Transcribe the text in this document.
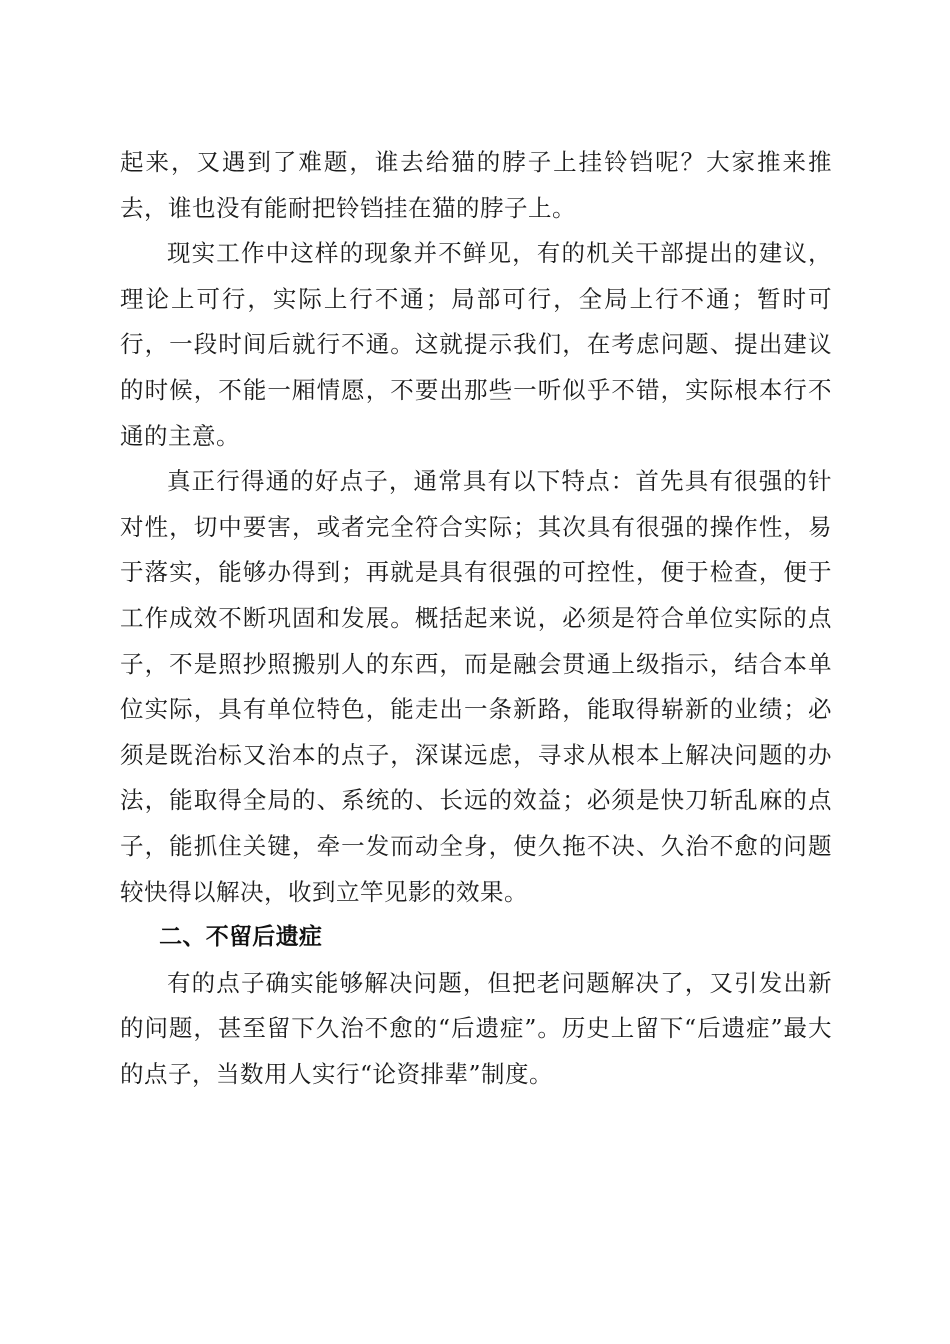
起来，又遇到了难题，谁去给猫的脖子上挂铃铛呢？大家推来推去，谁也没有能耐把铃铛挂在猫的脖子上。

现实工作中这样的现象并不鲜见，有的机关干部提出的建议，理论上可行，实际上行不通；局部可行，全局上行不通；暂时可行，一段时间后就行不通。这就提示我们，在考虑问题、提出建议的时候，不能一厢情愿，不要出那些一听似乎不错，实际根本行不通的主意。

真正行得通的好点子，通常具有以下特点：首先具有很强的针对性，切中要害，或者完全符合实际；其次具有很强的操作性，易于落实，能够办得到；再就是具有很强的可控性，便于检查，便于工作成效不断巩固和发展。概括起来说，必须是符合单位实际的点子，不是照抄照搬别人的东西，而是融会贯通上级指示，结合本单位实际，具有单位特色，能走出一条新路，能取得崭新的业绩；必须是既治标又治本的点子，深谋远虑，寻求从根本上解决问题的办法，能取得全局的、系统的、长远的效益；必须是快刀斩乱麻的点子，能抓住关键，牵一发而动全身，使久拖不决、久治不愈的问题较快得以解决，收到立竿见影的效果。

二、不留后遗症

有的点子确实能够解决问题，但把老问题解决了，又引发出新的问题，甚至留下久治不愈的“后遗症”。历史上留下“后遗症”最大的点子，当数用人实行“论资排辈”制度。
